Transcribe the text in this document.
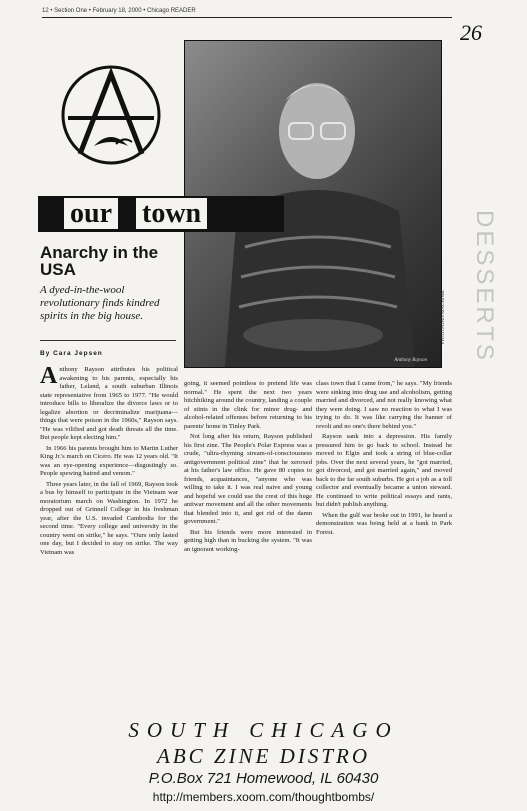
12 • Section One • February 18, 2000 • Chicago READER
26
Anthony Rayson
PHOTO/DAN MACHNIK
our town
Anarchy in the USA
A dyed-in-the-wool revolutionary finds kindred spirits in the big house.
By Cara Jepsen
A nthony Rayson attributes his political awakening to his parents, especially his father, Leland, a south suburban Illinois state representative from 1965 to 1977. "He would introduce bills to liberalize the divorce laws or to legalize abortion or decriminalize marijuana—things that were poison in the 1960s," Rayson says. "He was vilified and got death threats all the time. But people kept electing him."

In 1966 his parents brought him to Martin Luther King Jr.'s march on Cicero. He was 12 years old. "It was an eye-opening experience—disgustingly so. People spewing hatred and venom."

Three years later, in the fall of 1969, Rayson took a bus by himself to participate in the Vietnam war moratorium march on Washington. In 1972 he dropped out of Grinnell College in his freshman year, after the U.S. invaded Cambodia for the second time. "Every college and university in the country went on strike," he says. "Ours only lasted one day, but I decided to stay on strike. The way Vietnam was

going, it seemed pointless to pretend life was normal." He spent the next two years hitchhiking around the country, landing a couple of stints in the clink for minor drug- and alcohol-related offenses before returning to his parents' home in Tinley Park.

Not long after his return, Rayson published his first zine. The People's Polar Express was a crude, "ultra-rhyming stream-of-consciousness antigovernment political zine" that he xeroxed at his father's law office. He gave 80 copies to friends, acquaintances, "anyone who was willing to take it. I was real naive and young and hopeful we could use the crest of this huge antiwar movement and all the other movements that blended into it, and get rid of the damn government."

But his friends were more interested in getting high than in bucking the system. "It was an ignorant working-

class town that I came from," he says. "My friends were sinking into drug use and alcoholism, getting married and divorced, and not really knowing what they were doing. I saw no reaction to what I was trying to do. It was like carrying the banner of revolt and no one's there behind you."

Rayson sank into a depression. His family pressured him to go back to school. Instead he moved to Elgin and took a string of blue-collar jobs. Over the next several years, he "got married, got divorced, and got married again," and moved back to the far south suburbs. He got a job as a toll collector and eventually became a union steward. He continued to write political essays and rants, but didn't publish anything.

When the gulf war broke out in 1991, he heard a demonstration was being held at a bank in Park Forest.

DESSERTS
SOUTH CHICAGO
ABC ZINE DISTRO
P.O.Box 721 Homewood, IL 60430
http://members.xoom.com/thoughtbombs/
